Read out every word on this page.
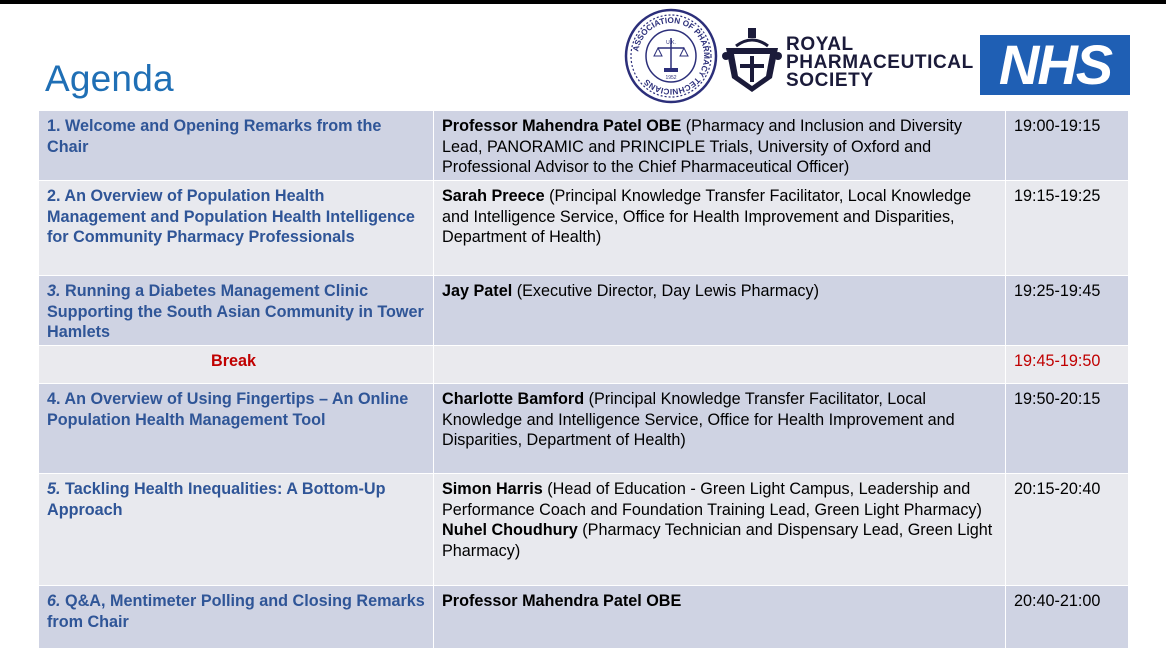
Agenda
ASSOCIATION OF PHARMACY TECHNICIANS
U.K.
1952
ROYAL
PHARMACEUTICAL
SOCIETY	NHS
1. Welcome and Opening Remarks from the Chair	Professor Mahendra Patel OBE (Pharmacy and Inclusion and Diversity Lead, PANORAMIC and PRINCIPLE Trials, University of Oxford and Professional Advisor to the Chief Pharmaceutical Officer)	19:00-19:15
2. An Overview of Population Health Management and Population Health Intelligence for Community Pharmacy Professionals	Sarah Preece (Principal Knowledge Transfer Facilitator, Local Knowledge and Intelligence Service, Office for Health Improvement and Disparities, Department of Health)	19:15-19:25
3. Running a Diabetes Management Clinic Supporting the South Asian Community in Tower Hamlets	Jay Patel (Executive Director, Day Lewis Pharmacy)	19:25-19:45
Break		19:45-19:50
4. An Overview of Using Fingertips – An Online Population Health Management Tool	Charlotte Bamford (Principal Knowledge Transfer Facilitator, Local Knowledge and Intelligence Service, Office for Health Improvement and Disparities, Department of Health)	19:50-20:15
5. Tackling Health Inequalities: A Bottom-Up Approach	Simon Harris (Head of Education - Green Light Campus, Leadership and Performance Coach and Foundation Training Lead, Green Light Pharmacy)
Nuhel Choudhury (Pharmacy Technician and Dispensary Lead, Green Light Pharmacy)	20:15-20:40
6. Q&A, Mentimeter Polling and Closing Remarks from Chair	Professor Mahendra Patel OBE	20:40-21:00
